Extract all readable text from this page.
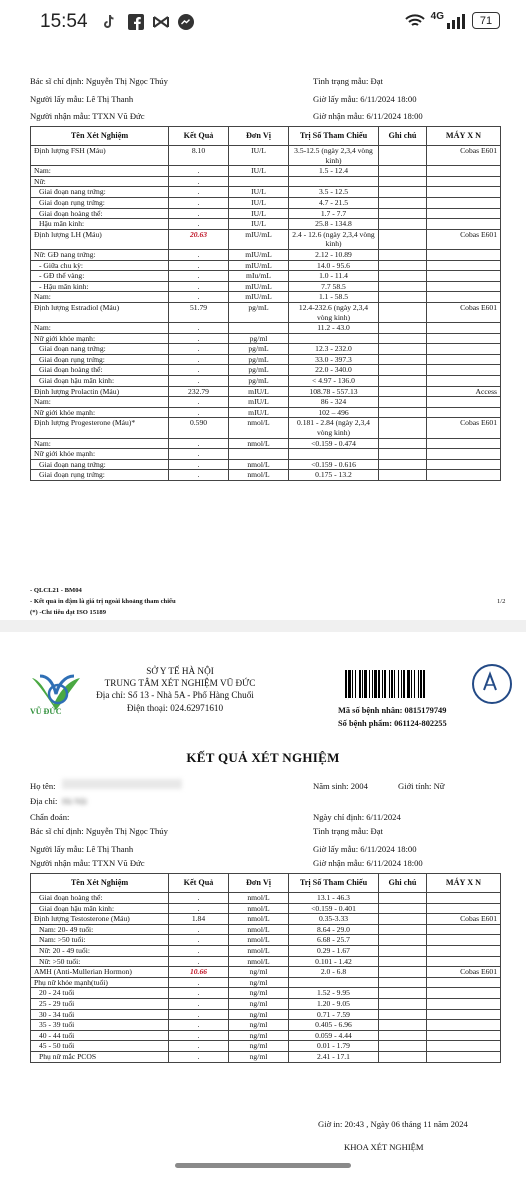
15:54	4G	71
Bác sĩ chỉ định: Nguyễn Thị Ngọc Thúy
Người lấy mẫu: Lê Thị Thanh
Người nhận mẫu: TTXN Vũ Đức
Tình trạng mẫu: Đạt
Giờ lấy mẫu: 6/11/2024 18:00
Giờ nhận mẫu: 6/11/2024 18:00
Tên Xét Nghiệm	Kết Quả	Đơn Vị	Trị Số Tham Chiếu	Ghi chú	MÁY X N
Định lượng FSH (Máu)	8.10	IU/L	3.5-12.5 (ngày 2,3,4 vòng kinh)		Cobas E601
Nam:	.	IU/L	1.5 - 12.4		
Nữ:	.				
Giai đoạn nang trứng:	.	IU/L	3.5 - 12.5		
Giai đoạn rụng trứng:	.	IU/L	4.7 - 21.5		
Giai đoạn hoàng thể:	.	IU/L	1.7 - 7.7		
Hậu mãn kinh:	.	IU/L	25.8 - 134.8		
Định lượng LH (Máu)	20.63	mIU/mL	2.4 - 12.6 (ngày 2,3,4 vòng kinh)		Cobas E601
Nữ: GĐ nang trứng:	.	mIU/mL	2.12 - 10.89		
- Giữa chu kỳ:	.	mIU/mL	14.0 - 95.6		
- GĐ thể vàng:	.	mIu/mL	1.0 - 11.4		
- Hậu mãn kinh:	.	mIU/mL	7.7 58.5		
Nam:	.	mIU/mL	1.1 - 58.5		
Định lượng Estradiol (Máu)	51.79	pg/mL	12.4-232.6 (ngày 2,3,4 vòng kinh)		Cobas E601
Nam:	.		11.2 - 43.0		
Nữ giới khỏe mạnh:	.	pg/ml			
Giai đoạn nang trứng:	.	pg/mL	12.3 - 232.0		
Giai đoạn rụng trứng:	.	pg/mL	33.0 - 397.3		
Giai đoạn hoàng thể:	.	pg/mL	22.0 - 340.0		
Giai đoạn hậu mãn kinh:	.	pg/mL	< 4.97 - 136.0		
Định lượng Prolactin (Máu)	232.79	mIU/L	108.78 - 557.13		Access
Nam:	.	mIU/L	86 - 324		
Nữ giới khỏe mạnh:	.	mIU/L	102 – 496		
Định lượng Progesterone (Máu)*	0.590	nmol/L	0.181 - 2.84 (ngày 2,3,4 vòng kinh)		Cobas E601
Nam:	.	nmol/L	<0.159 - 0.474		
Nữ giới khỏe mạnh:	.				
Giai đoạn nang trứng:	.	nmol/L	<0.159 - 0.616		
Giai đoạn rụng trứng:	.	nmol/L	0.175 - 13.2		
- QLCL21 - BM04
- Kết quả in đậm là giá trị ngoài khoảng tham chiếu
(*) -Chỉ tiêu đạt ISO 15189
1/2
VŨ ĐỨC
SỞ Y TẾ HÀ NỘI
TRUNG TÂM XÉT NGHIỆM VŨ ĐỨC
Địa chỉ: Số 13 - Nhà 5A - Phố Hàng Chuối
Điện thoại: 024.62971610	Mã số bệnh nhân: 0815179749
Số bệnh phẩm: 061124-802255
KẾT QUẢ XÉT NGHIỆM
Họ tên:
Địa chỉ: Hà Nội
Chẩn đoán:
Năm sinh: 2004	Giới tính: Nữ
Ngày chỉ định: 6/11/2024
Bác sĩ chỉ định: Nguyễn Thị Ngọc Thúy	Tình trạng mẫu: Đạt
Người lấy mẫu: Lê Thị Thanh	Giờ lấy mẫu: 6/11/2024 18:00
Người nhận mẫu: TTXN Vũ Đức	Giờ nhận mẫu: 6/11/2024 18:00
Tên Xét Nghiệm	Kết Quả	Đơn Vị	Trị Số Tham Chiếu	Ghi chú	MÁY X N
Giai đoạn hoàng thể:	.	nmol/L	13.1 - 46.3		
Giai đoạn hậu mãn kinh:	.	nmol/L	<0.159 - 0.401		
Định lượng Testosterone (Máu)	1.84	nmol/L	0.35-3.33		Cobas E601
Nam: 20- 49 tuổi:	.	nmol/L	8.64 - 29.0		
Nam: >50 tuổi:	.	nmol/L	6.68 - 25.7		
Nữ: 20 - 49 tuổi:	.	nmol/L	0.29 - 1.67		
Nữ: >50 tuổi:	.	nmol/L	0.101 - 1.42		
AMH (Anti-Mullerian Hormon)	10.66	ng/ml	2.0 - 6.8		Cobas E601
Phụ nữ khỏe mạnh(tuổi)	.	ng/ml			
20 - 24 tuổi	.	ng/ml	1.52 - 9.95		
25 - 29 tuổi	.	ng/ml	1.20 - 9.05		
30 - 34 tuổi	.	ng/ml	0.71 - 7.59		
35 - 39 tuổi	.	ng/ml	0.405 - 6.96		
40 - 44 tuổi	.	ng/ml	0.059 - 4.44		
45 - 50 tuổi	.	ng/ml	0.01 - 1.79		
Phụ nữ mắc PCOS	.	ng/ml	2.41 - 17.1		
Giờ in: 20:43 , Ngày 06 tháng 11 năm 2024
KHOA XÉT NGHIỆM
